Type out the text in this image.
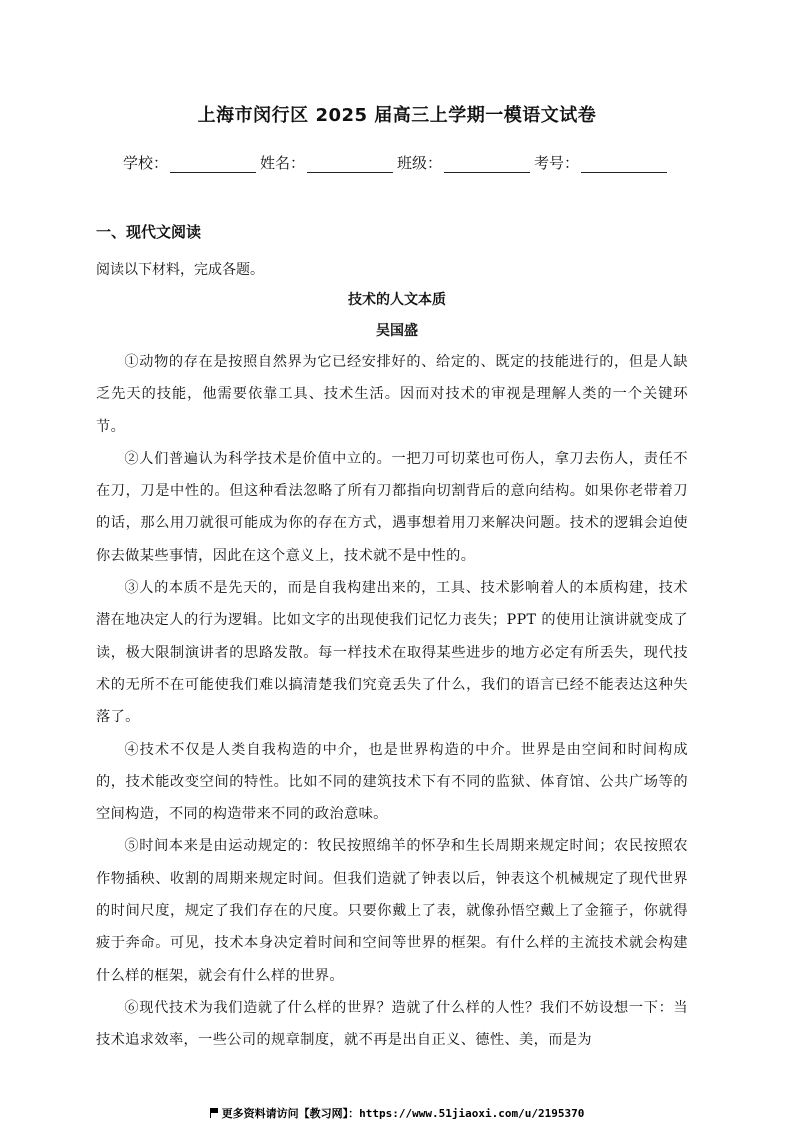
上海市闵行区 2025 届高三上学期一模语文试卷
学校：	姓名：	班级：	考号：
一、现代文阅读
阅读以下材料，完成各题。
技术的人文本质
吴国盛

①动物的存在是按照自然界为它已经安排好的、给定的、既定的技能进行的，但是人缺乏先天的技能，他需要依靠工具、技术生活。因而对技术的审视是理解人类的一个关键环节。

②人们普遍认为科学技术是价值中立的。一把刀可切菜也可伤人，拿刀去伤人，责任不在刀，刀是中性的。但这种看法忽略了所有刀都指向切割背后的意向结构。如果你老带着刀的话，那么用刀就很可能成为你的存在方式，遇事想着用刀来解决问题。技术的逻辑会迫使你去做某些事情，因此在这个意义上，技术就不是中性的。

③人的本质不是先天的，而是自我构建出来的，工具、技术影响着人的本质构建，技术潜在地决定人的行为逻辑。比如文字的出现使我们记忆力丧失；PPT 的使用让演讲就变成了读，极大限制演讲者的思路发散。每一样技术在取得某些进步的地方必定有所丢失，现代技术的无所不在可能使我们难以搞清楚我们究竟丢失了什么，我们的语言已经不能表达这种失落了。

④技术不仅是人类自我构造的中介，也是世界构造的中介。世界是由空间和时间构成的，技术能改变空间的特性。比如不同的建筑技术下有不同的监狱、体育馆、公共广场等的空间构造，不同的构造带来不同的政治意味。

⑤时间本来是由运动规定的：牧民按照绵羊的怀孕和生长周期来规定时间；农民按照农作物插秧、收割的周期来规定时间。但我们造就了钟表以后，钟表这个机械规定了现代世界的时间尺度，规定了我们存在的尺度。只要你戴上了表，就像孙悟空戴上了金箍子，你就得疲于奔命。可见，技术本身决定着时间和空间等世界的框架。有什么样的主流技术就会构建什么样的框架，就会有什么样的世界。

⑥现代技术为我们造就了什么样的世界？造就了什么样的人性？我们不妨设想一下：当技术追求效率，一些公司的规章制度，就不再是出自正义、德性、美，而是为

更多资料请访问【教习网】：https://www.51jiaoxi.com/u/2195370
